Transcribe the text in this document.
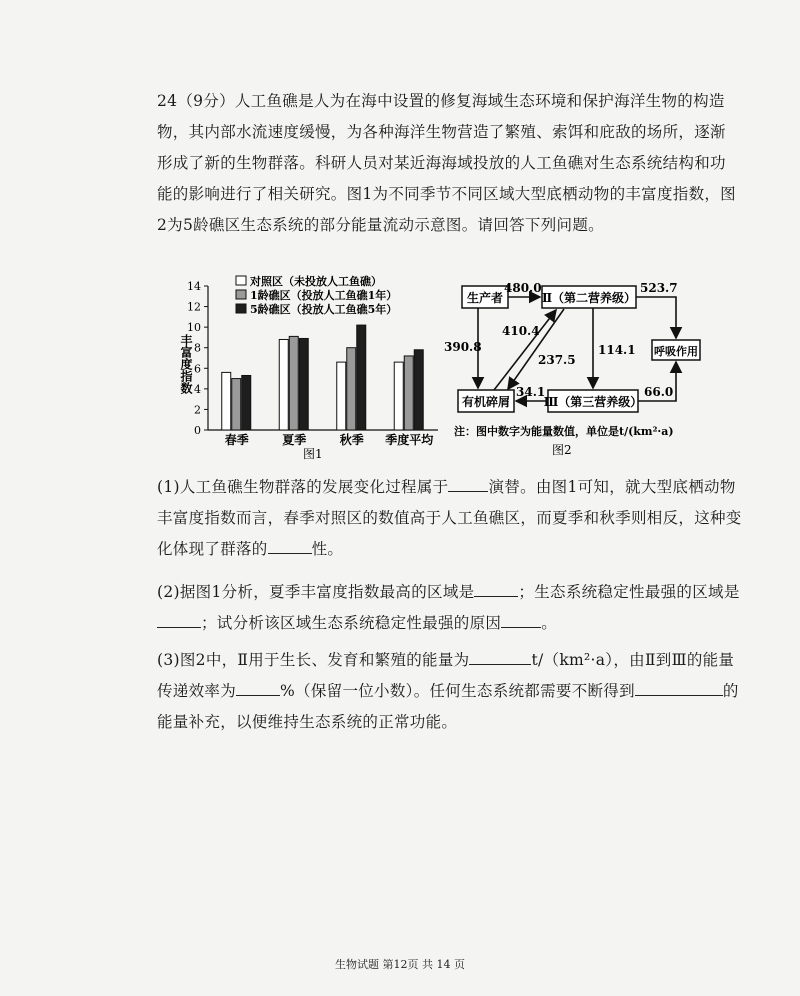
24（9分）人工鱼礁是人为在海中设置的修复海域生态环境和保护海洋生物的构造物，其内部水流速度缓慢，为各种海洋生物营造了繁殖、索饵和庇敌的场所，逐渐形成了新的生物群落。科研人员对某近海海域投放的人工鱼礁对生态系统结构和功能的影响进行了相关研究。图1为不同季节不同区域大型底栖动物的丰富度指数，图2为5龄礁区生态系统的部分能量流动示意图。请回答下列问题。
对照区（未投放人工鱼礁）
1龄礁区（投放人工鱼礁1年）
5龄礁区（投放人工鱼礁5年）
0
2
4
6
8
10
12
14
春季	夏季	秋季 季度平均
丰富度指数
图1
生产者	Ⅱ（第二营养级）
呼吸作用
有机碎屑	Ⅲ（第三营养级）
480.0	523.7
390.8
410.4
237.5
114.1
34.1	66.0
注：图中数字为能量数值，单位是t/(km²·a)
图2
(1)人工鱼礁生物群落的发展变化过程属于	演替。由图1可知，就大型底栖动物丰富度指数而言，春季对照区的数值高于人工鱼礁区，而夏季和秋季则相反，这种变化体现了群落的	性。
(2)据图1分析，夏季丰富度指数最高的区域是	；生态系统稳定性最强的区域是；试分析该区域生态系统稳定性最强的原因	。
(3)图2中，Ⅱ用于生长、发育和繁殖的能量为	t/（km²·a），由Ⅱ到Ⅲ的能量传递效率为	%（保留一位小数）。任何生态系统都需要不断得到	的能量补充，以便维持生态系统的正常功能。
生物试题 第12页 共 14 页
